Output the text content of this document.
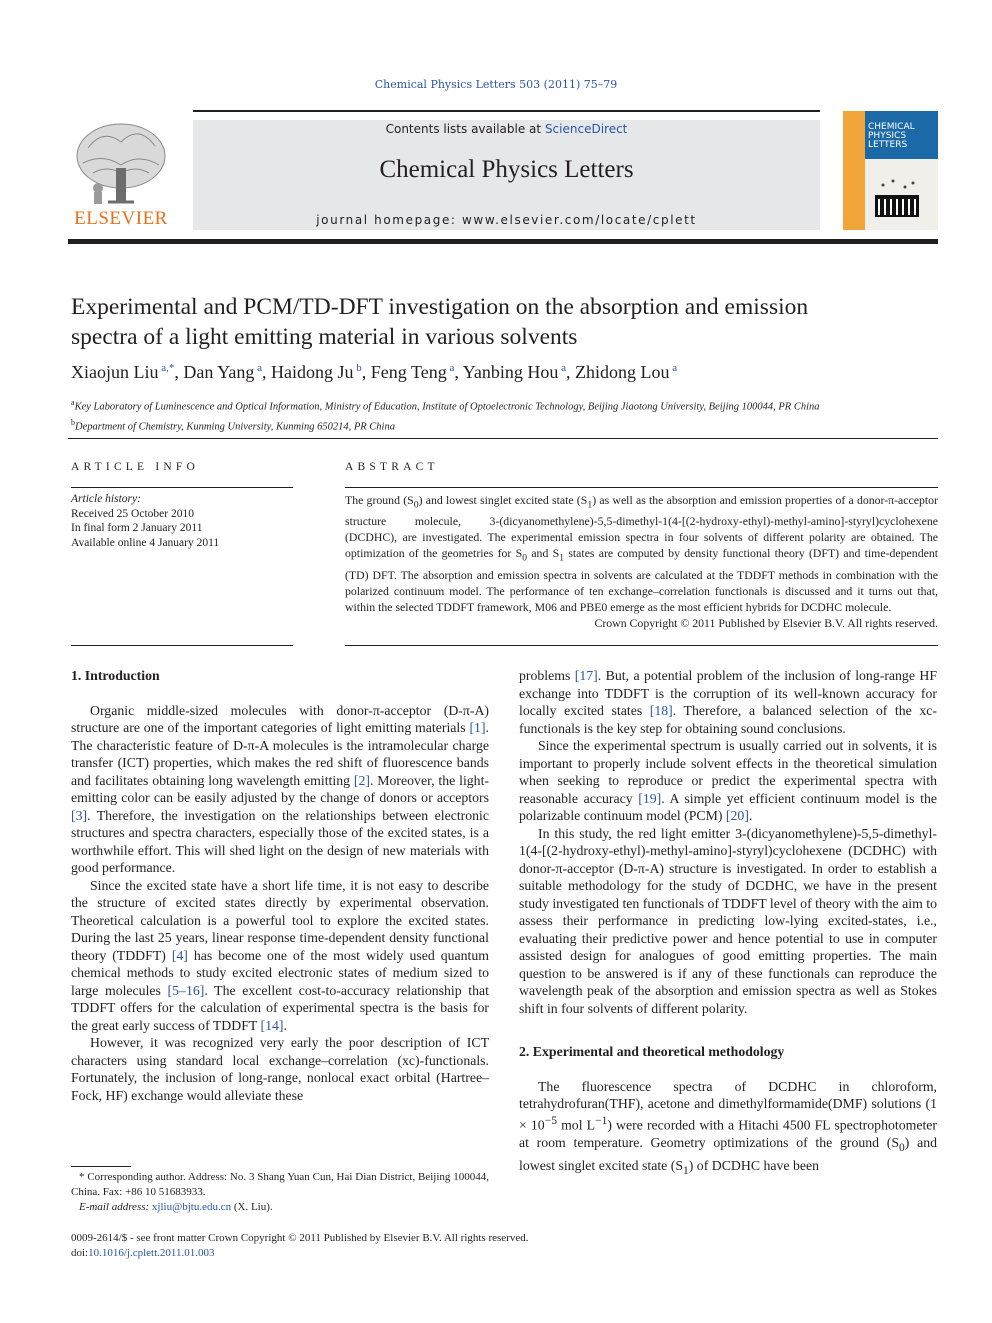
Chemical Physics Letters 503 (2011) 75–79
ELSEVIER
Contents lists available at ScienceDirect
Chemical Physics Letters
journal homepage: www.elsevier.com/locate/cplett
CHEMICAL
PHYSICS
LETTERS
Experimental and PCM/TD-DFT investigation on the absorption and emission
spectra of a light emitting material in various solvents
Xiaojun Liu $^{a,*}$, Dan Yang $^a$, Haidong Ju $^b$, Feng Teng $^a$, Yanbing Hou $^a$, Zhidong Lou $^a$
$^a$Key Laboratory of Luminescence and Optical Information, Ministry of Education, Institute of Optoelectronic Technology, Beijing Jiaotong University, Beijing 100044, PR China
$^b$Department of Chemistry, Kunming University, Kunming 650214, PR China
ARTICLE INFO	ABSTRACT
Article history:
Received 25 October 2010
In final form 2 January 2011
Available online 4 January 2011
The ground $(S_0)$ and lowest singlet excited state $(S_1)$ as well as the absorption and emission properties of a donor-π-acceptor structure molecule, 3-(dicyanomethylene)-5,5-dimethyl-1(4-[(2-hydroxy-ethyl)-methyl-amino]-styryl)cyclohexene (DCDHC), are investigated. The experimental emission spectra in four solvents of different polarity are obtained. The optimization of the geometries for $S_0$ and $S_1$ states are computed by density functional theory (DFT) and time-dependent (TD) DFT. The absorption and emission spectra in solvents are calculated at the TDDFT methods in combination with the polarized continuum model. The performance of ten exchange–correlation functionals is discussed and it turns out that, within the selected TDDFT framework, M06 and PBE0 emerge as the most efficient hybrids for DCDHC molecule.
Crown Copyright © 2011 Published by Elsevier B.V. All rights reserved.
1. Introduction

Organic middle-sized molecules with donor-π-acceptor (D-π-A) structure are one of the important categories of light emitting materials [1]. The characteristic feature of D-π-A molecules is the intramolecular charge transfer (ICT) properties, which makes the red shift of fluorescence bands and facilitates obtaining long wavelength emitting [2]. Moreover, the light-emitting color can be easily adjusted by the change of donors or acceptors [3]. Therefore, the investigation on the relationships between electronic structures and spectra characters, especially those of the excited states, is a worthwhile effort. This will shed light on the design of new materials with good performance.

Since the excited state have a short life time, it is not easy to describe the structure of excited states directly by experimental observation. Theoretical calculation is a powerful tool to explore the excited states. During the last 25 years, linear response time-dependent density functional theory (TDDFT) [4] has become one of the most widely used quantum chemical methods to study excited electronic states of medium sized to large molecules [5–16]. The excellent cost-to-accuracy relationship that TDDFT offers for the calculation of experimental spectra is the basis for the great early success of TDDFT [14].

However, it was recognized very early the poor description of ICT characters using standard local exchange–correlation (xc)-functionals. Fortunately, the inclusion of long-range, nonlocal exact orbital (Hartree–Fock, HF) exchange would alleviate these

* Corresponding author. Address: No. 3 Shang Yuan Cun, Hai Dian District, Beijing 100044, China. Fax: +86 10 51683933.

E-mail address: xjliu@bjtu.edu.cn (X. Liu).

problems [17]. But, a potential problem of the inclusion of long-range HF exchange into TDDFT is the corruption of its well-known accuracy for locally excited states [18]. Therefore, a balanced selection of the xc-functionals is the key step for obtaining sound conclusions.

Since the experimental spectrum is usually carried out in solvents, it is important to properly include solvent effects in the theoretical simulation when seeking to reproduce or predict the experimental spectra with reasonable accuracy [19]. A simple yet efficient continuum model is the polarizable continuum model (PCM) [20].

In this study, the red light emitter 3-(dicyanomethylene)-5,5-dimethyl-1(4-[(2-hydroxy-ethyl)-methyl-amino]-styryl)cyclohexene (DCDHC) with donor-π-acceptor (D-π-A) structure is investigated. In order to establish a suitable methodology for the study of DCDHC, we have in the present study investigated ten functionals of TDDFT level of theory with the aim to assess their performance in predicting low-lying excited-states, i.e., evaluating their predictive power and hence potential to use in computer assisted design for analogues of good emitting properties. The main question to be answered is if any of these functionals can reproduce the wavelength peak of the absorption and emission spectra as well as Stokes shift in four solvents of different polarity.

2. Experimental and theoretical methodology

The fluorescence spectra of DCDHC in chloroform, tetrahydrofuran(THF), acetone and dimethylformamide(DMF) solutions ($1 \times 10^{-5}$ mol $L^{-1}$) were recorded with a Hitachi 4500 FL spectrophotometer at room temperature. Geometry optimizations of the ground $(S_0)$ and lowest singlet excited state $(S_1)$ of DCDHC have been

0009-2614/$ - see front matter Crown Copyright © 2011 Published by Elsevier B.V. All rights reserved.
doi:10.1016/j.cplett.2011.01.003
